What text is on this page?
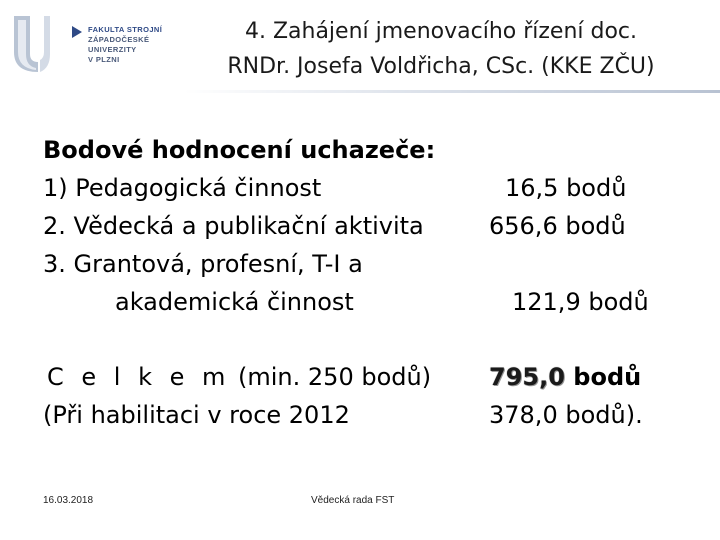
FAKULTA STROJNÍ
ZÁPADOČESKÉ
UNIVERZITY
V PLZNI
4. Zahájení jmenovacího řízení doc.
RNDr. Josefa Voldřicha, CSc. (KKE ZČU)
Bodové hodnocení uchazeče:
1) Pedagogická činnost	16,5 bodů
2. Vědecká a publikační aktivita	656,6 bodů
3. Grantová, profesní, T-I a
akademická činnost	121,9 bodů
C e l k e m (min. 250 bodů) 795,0 bodů
(Při habilitaci v roce 2012	378,0 bodů).
16.03.2018	Vědecká rada FST
